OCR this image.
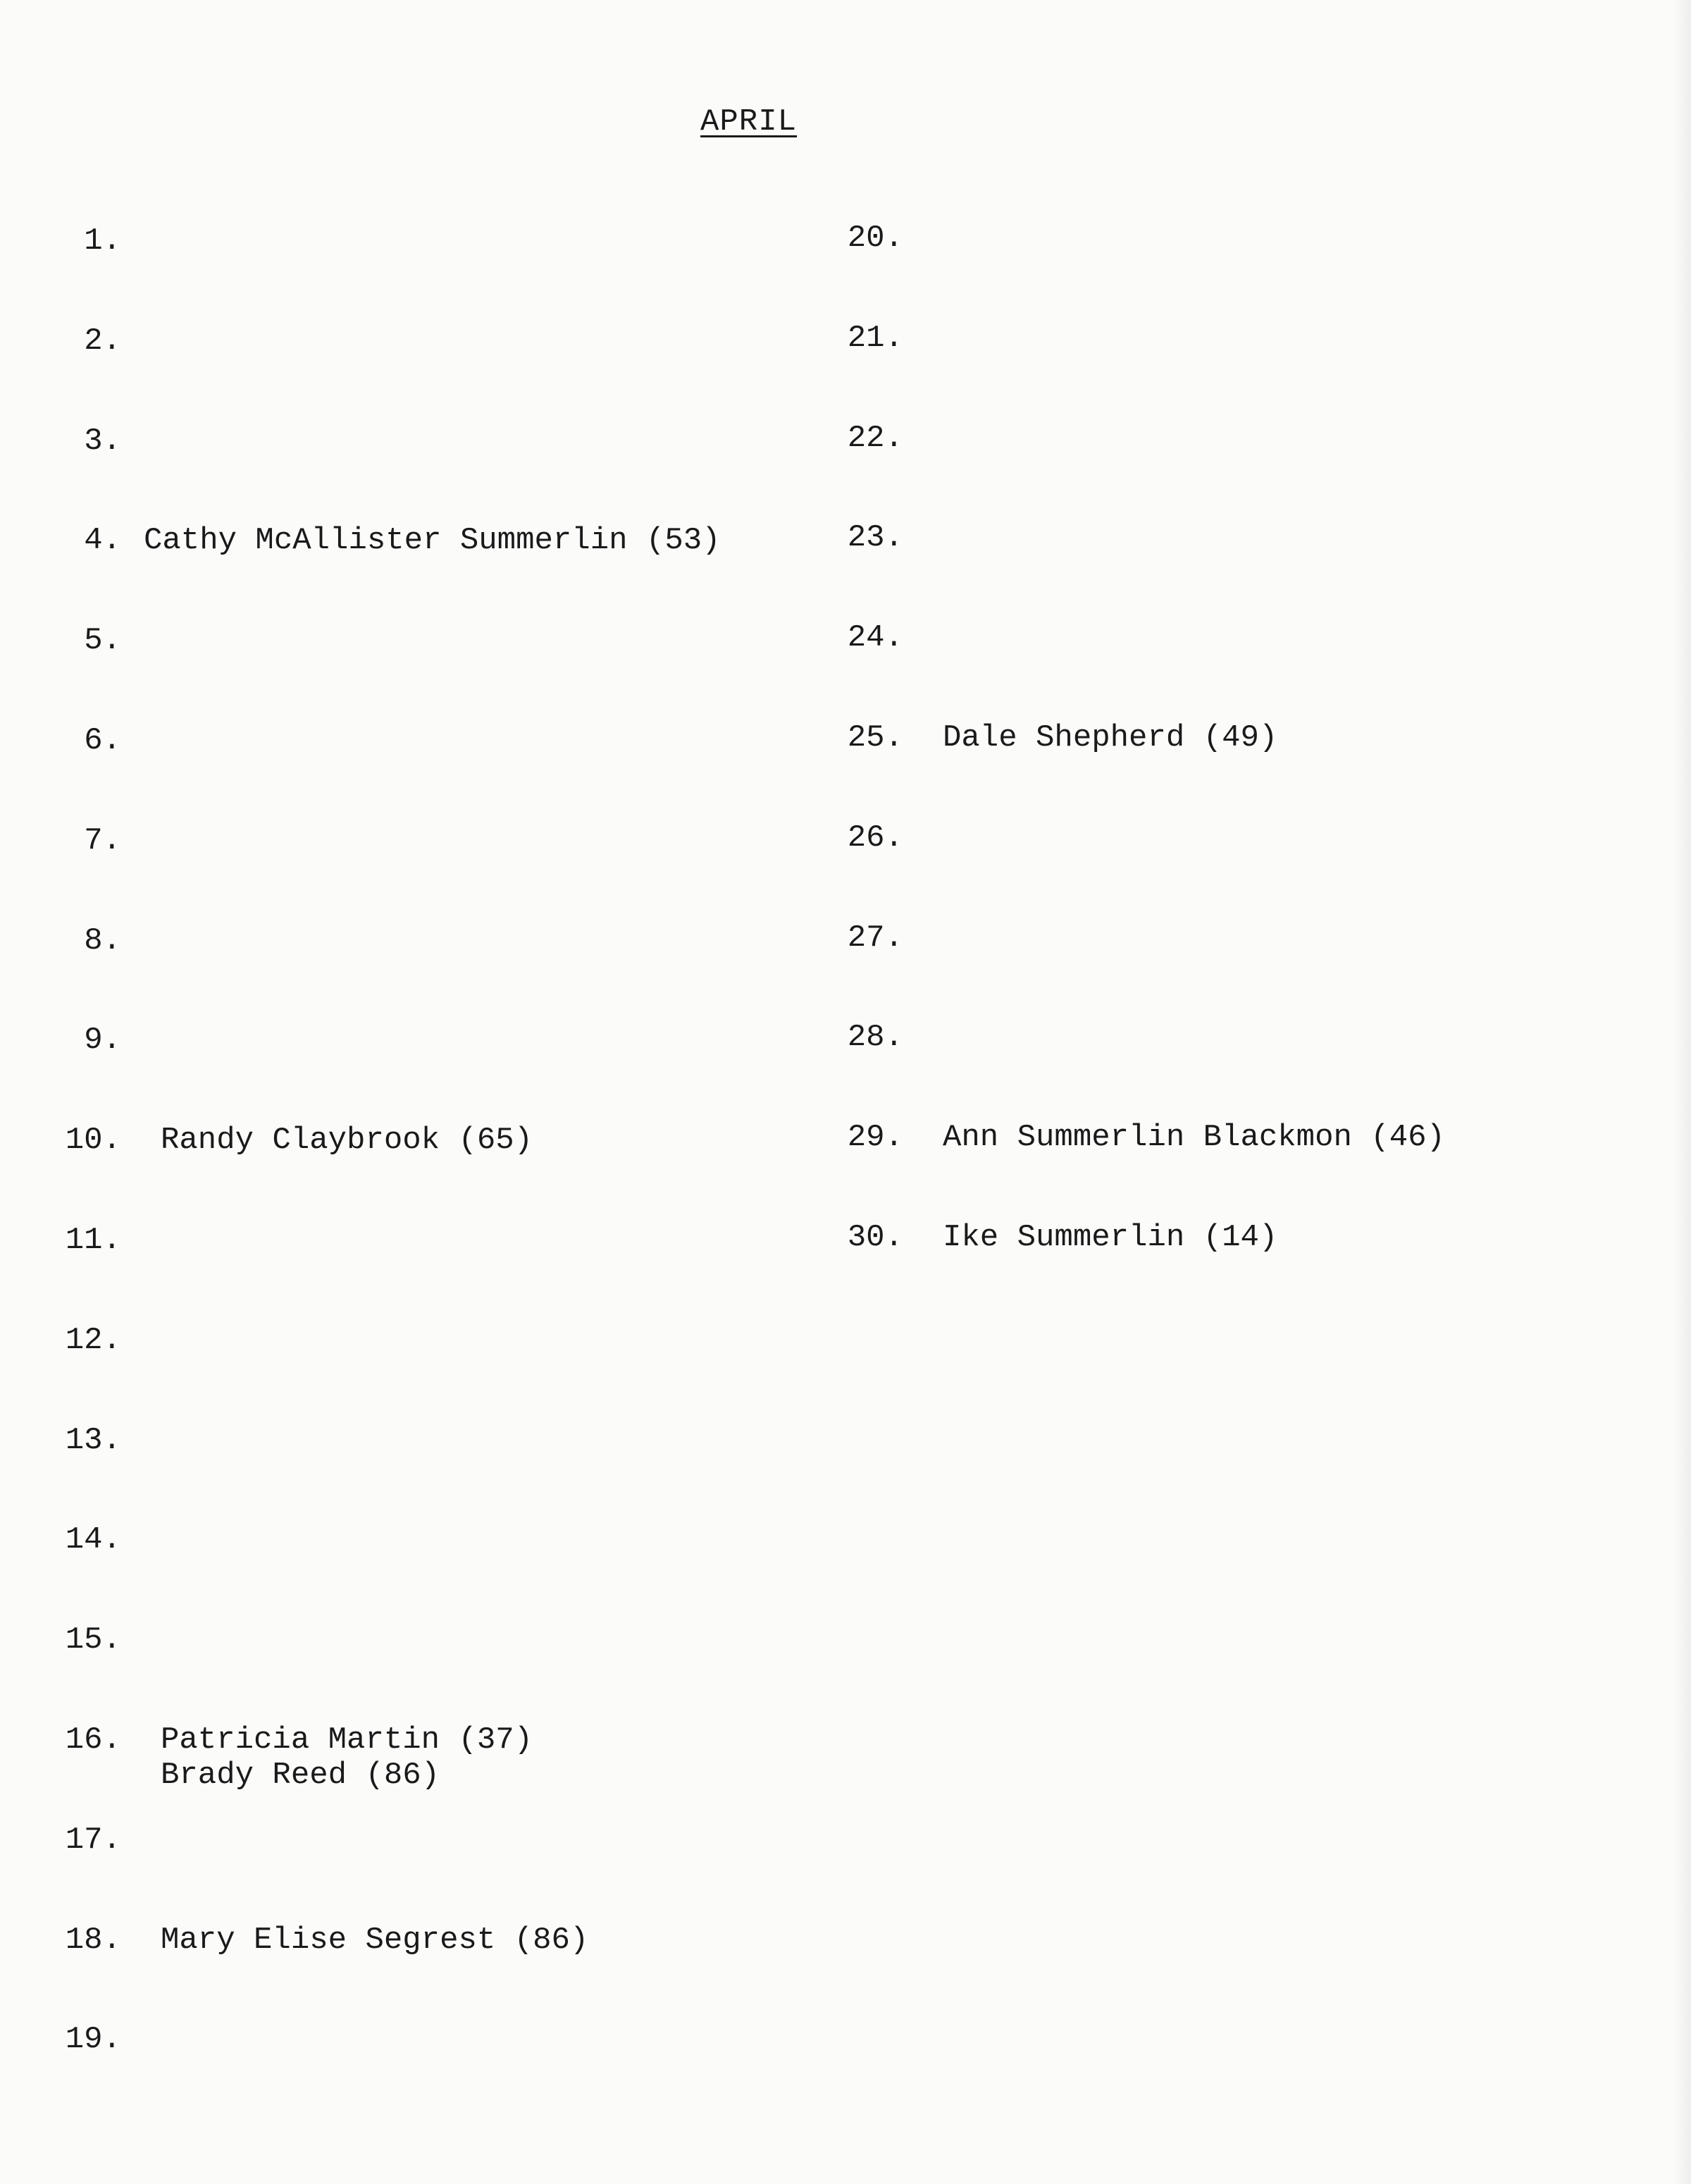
APRIL
1.
2.
3.
4. Cathy McAllister Summerlin (53)
5.
6.
7.
8.
9.
10. Randy Claybrook (65)
11.
12.
13.
14.
15.
16. Patricia Martin (37)
Brady Reed (86)
17.
18. Mary Elise Segrest (86)
19.
20.
21.
22.
23.
24.
25. Dale Shepherd (49)
26.
27.
28.
29. Ann Summerlin Blackmon (46)
30. Ike Summerlin (14)
